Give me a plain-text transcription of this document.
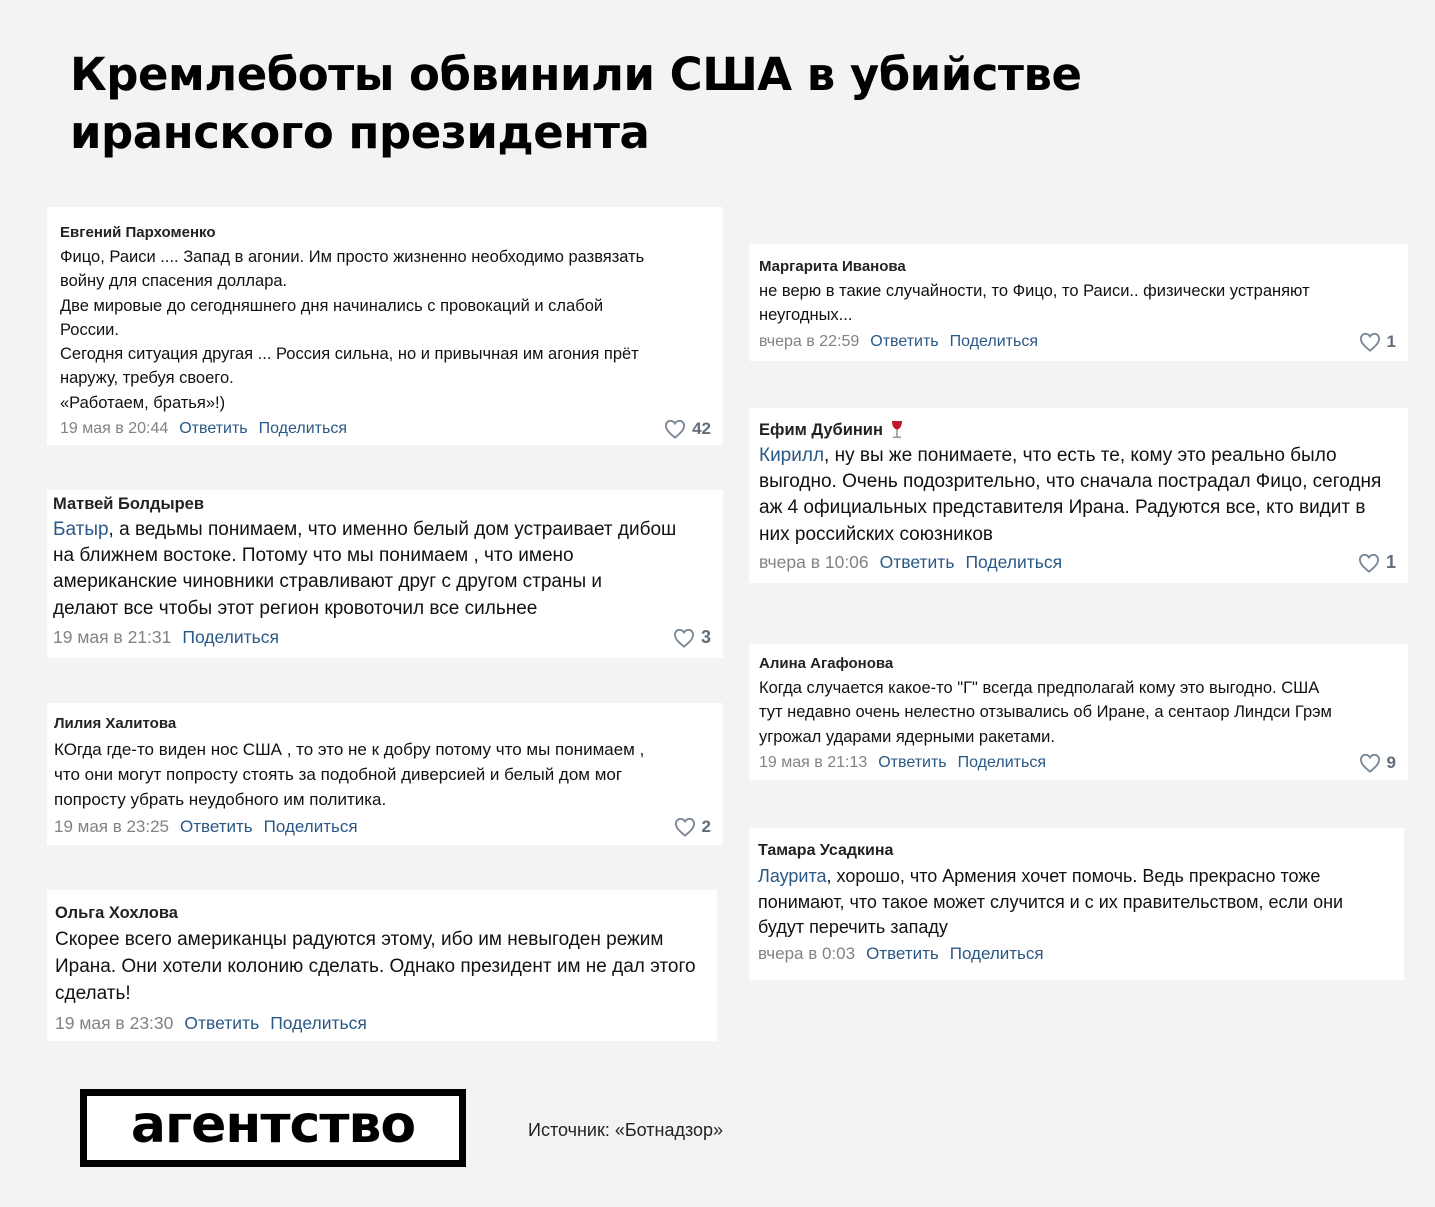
Кремлеботы обвинили США в убийстве
иранского президента
Евгений Пархоменко
Фицо, Раиси .... Запад в агонии. Им просто жизненно необходимо развязать
войну для спасения доллара.
Две мировые до сегодняшнего дня начинались с провокаций и слабой
России.
Сегодня ситуация другая ... Россия сильна, но и привычная им агония прёт
наружу, требуя своего.
«Работаем, братья»!)
19 мая в 20:44 Ответить Поделиться	42
Матвей Болдырев
Батыр, а ведьмы понимаем, что именно белый дом устраивает дибош
на ближнем востоке. Потому что мы понимаем , что имено
американские чиновники стравливают друг с другом страны и
делают все чтобы этот регион кровоточил все сильнее
19 мая в 21:31 Поделиться	3
Лилия Халитова
КОгда где-то виден нос США , то это не к добру потому что мы понимаем ,
что они могут попросту стоять за подобной диверсией и белый дом мог
попросту убрать неудобного им политика.
19 мая в 23:25 Ответить Поделиться	2
Ольга Хохлова
Скорее всего американцы радуются этому, ибо им невыгоден режим
Ирана. Они хотели колонию сделать. Однако президент им не дал этого
сделать!
19 мая в 23:30 Ответить Поделиться
Маргарита Иванова
не верю в такие случайности, то Фицо, то Раиси.. физически устраняют
неугодных...
вчера в 22:59 Ответить Поделиться	1
Ефим Дубинин
Кирилл, ну вы же понимаете, что есть те, кому это реально было
выгодно. Очень подозрительно, что сначала пострадал Фицо, сегодня
аж 4 официальных представителя Ирана. Радуются все, кто видит в
них российских союзников
вчера в 10:06 Ответить Поделиться	1
Алина Агафонова
Когда случается какое-то "Г" всегда предполагай кому это выгодно. США
тут недавно очень нелестно отзывались об Иране, а сентаор Линдси Грэм
угрожал ударами ядерными ракетами.
19 мая в 21:13 Ответить Поделиться	9
Тамара Усадкина
Лаурита, хорошо, что Армения хочет помочь. Ведь прекрасно тоже
понимают, что такое может случится и с их правительством, если они
будут перечить западу
вчера в 0:03 Ответить Поделиться
агентство	Источник: «Ботнадзор»
